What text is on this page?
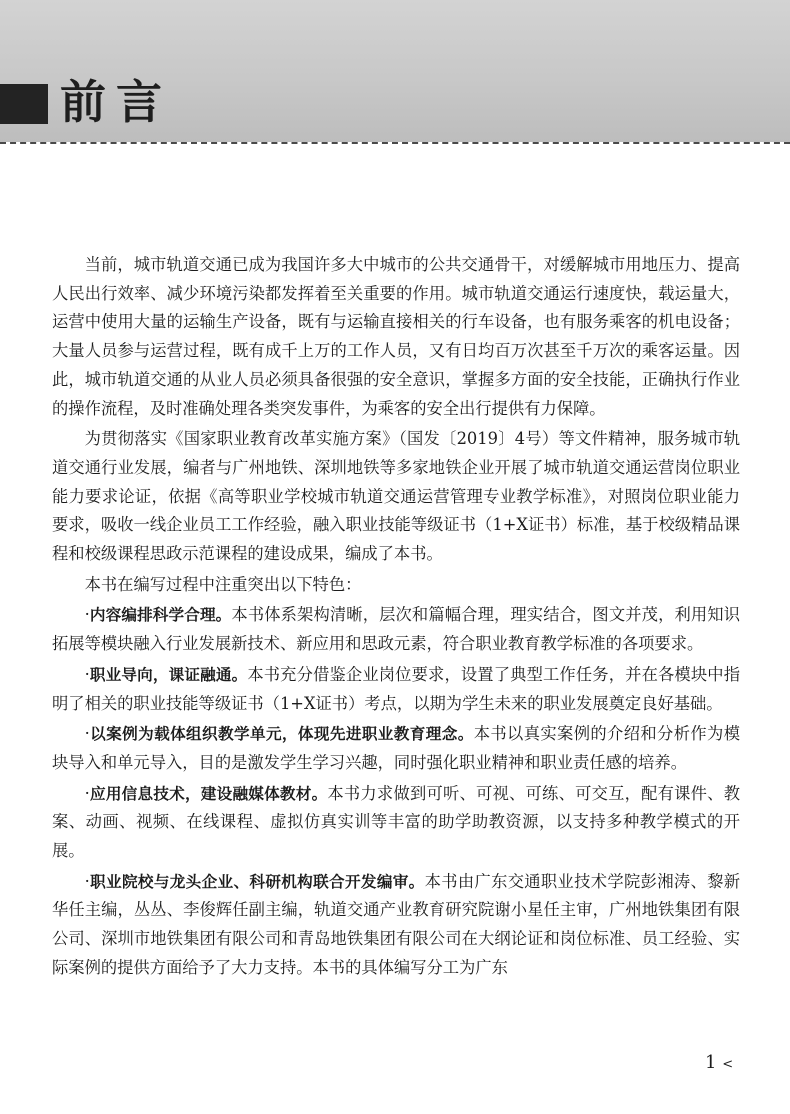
前言

当前，城市轨道交通已成为我国许多大中城市的公共交通骨干，对缓解城市用地压力、提高人民出行效率、减少环境污染都发挥着至关重要的作用。城市轨道交通运行速度快，载运量大，运营中使用大量的运输生产设备，既有与运输直接相关的行车设备，也有服务乘客的机电设备；大量人员参与运营过程，既有成千上万的工作人员，又有日均百万次甚至千万次的乘客运量。因此，城市轨道交通的从业人员必须具备很强的安全意识，掌握多方面的安全技能，正确执行作业的操作流程，及时准确处理各类突发事件，为乘客的安全出行提供有力保障。

为贯彻落实《国家职业教育改革实施方案》（国发〔2019〕4号）等文件精神，服务城市轨道交通行业发展，编者与广州地铁、深圳地铁等多家地铁企业开展了城市轨道交通运营岗位职业能力要求论证，依据《高等职业学校城市轨道交通运营管理专业教学标准》，对照岗位职业能力要求，吸收一线企业员工工作经验，融入职业技能等级证书（1+X证书）标准，基于校级精品课程和校级课程思政示范课程的建设成果，编成了本书。

本书在编写过程中注重突出以下特色：

·内容编排科学合理。本书体系架构清晰，层次和篇幅合理，理实结合，图文并茂，利用知识拓展等模块融入行业发展新技术、新应用和思政元素，符合职业教育教学标准的各项要求。

·职业导向，课证融通。本书充分借鉴企业岗位要求，设置了典型工作任务，并在各模块中指明了相关的职业技能等级证书（1+X证书）考点，以期为学生未来的职业发展奠定良好基础。

·以案例为载体组织教学单元，体现先进职业教育理念。本书以真实案例的介绍和分析作为模块导入和单元导入，目的是激发学生学习兴趣，同时强化职业精神和职业责任感的培养。

·应用信息技术，建设融媒体教材。本书力求做到可听、可视、可练、可交互，配有课件、教案、动画、视频、在线课程、虚拟仿真实训等丰富的助学助教资源，以支持多种教学模式的开展。

·职业院校与龙头企业、科研机构联合开发编审。本书由广东交通职业技术学院彭湘涛、黎新华任主编，丛丛、李俊辉任副主编，轨道交通产业教育研究院谢小星任主审，广州地铁集团有限公司、深圳市地铁集团有限公司和青岛地铁集团有限公司在大纲论证和岗位标准、员工经验、实际案例的提供方面给予了大力支持。本书的具体编写分工为广东

1 <
